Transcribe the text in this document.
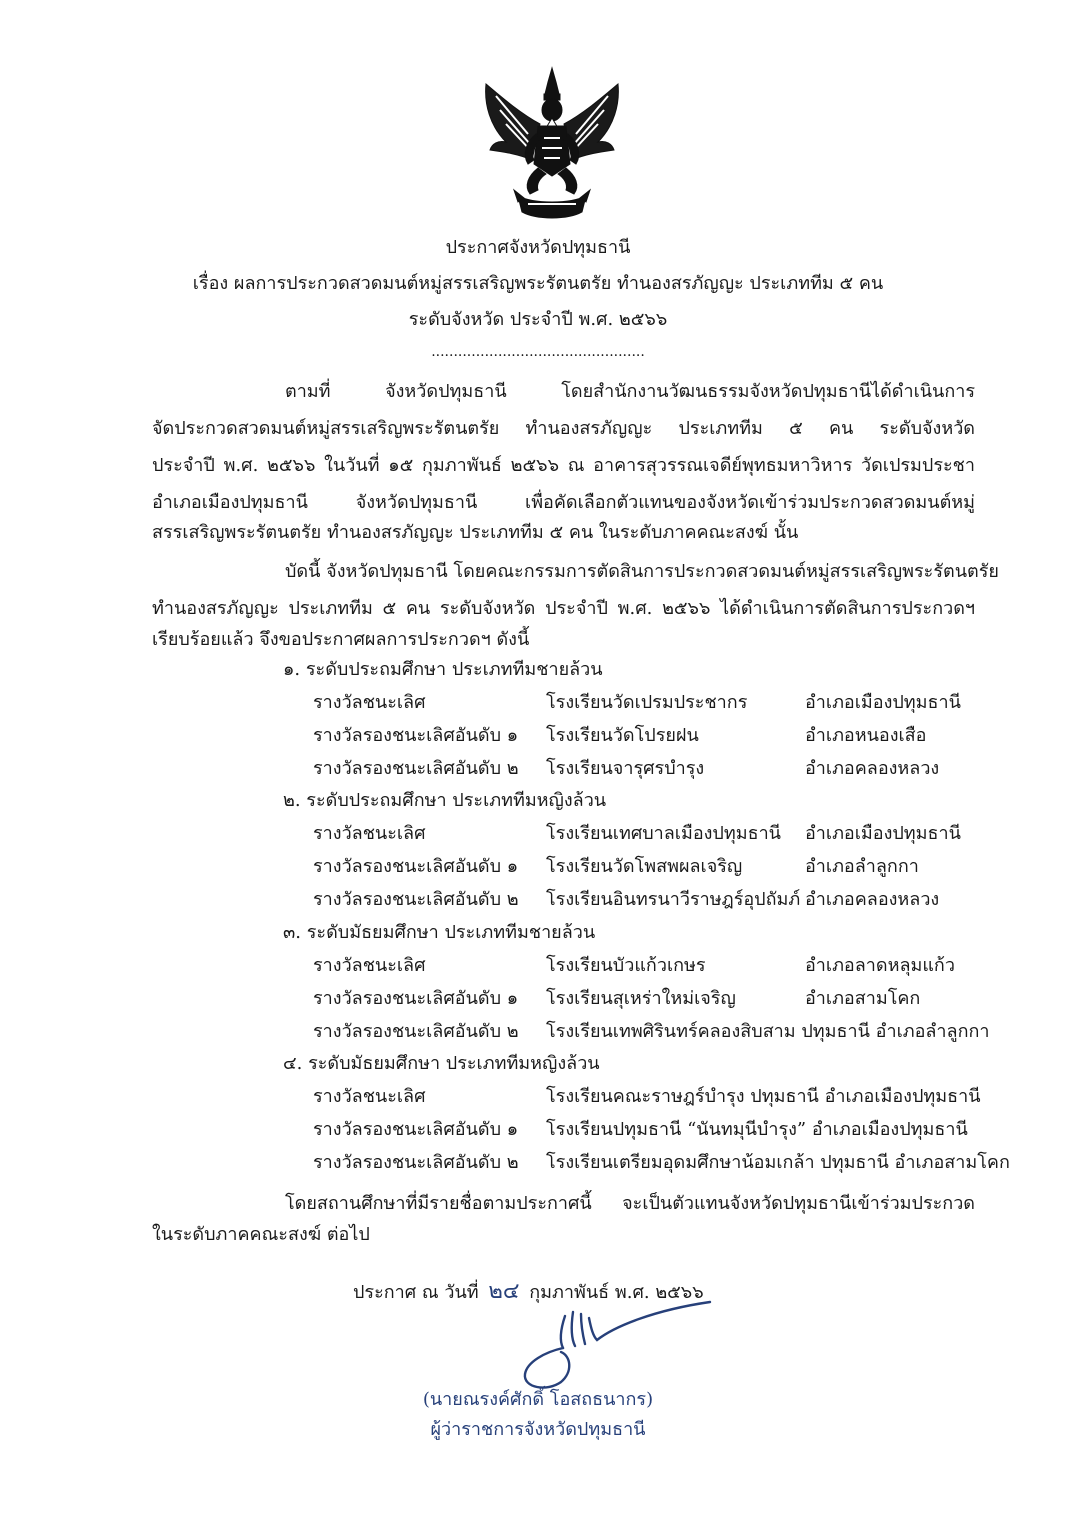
ประกาศจังหวัดปทุมธานี
เรื่อง ผลการประกวดสวดมนต์หมู่สรรเสริญพระรัตนตรัย ทำนองสรภัญญะ ประเภททีม ๕ คน
ระดับจังหวัด ประจำปี พ.ศ. ๒๕๖๖
................................................
ตามที่ จังหวัดปทุมธานี โดยสำนักงานวัฒนธรรมจังหวัดปทุมธานีได้ดำเนินการ
จัดประกวดสวดมนต์หมู่สรรเสริญพระรัตนตรัย ทำนองสรภัญญะ ประเภททีม ๕ คน ระดับจังหวัด
ประจำปี พ.ศ. ๒๕๖๖ ในวันที่ ๑๕ กุมภาพันธ์ ๒๕๖๖ ณ อาคารสุวรรณเจดีย์พุทธมหาวิหาร วัดเปรมประชา
อำเภอเมืองปทุมธานี จังหวัดปทุมธานี เพื่อคัดเลือกตัวแทนของจังหวัดเข้าร่วมประกวดสวดมนต์หมู่
สรรเสริญพระรัตนตรัย ทำนองสรภัญญะ ประเภททีม ๕ คน ในระดับภาคคณะสงฆ์ นั้น
บัดนี้ จังหวัดปทุมธานี โดยคณะกรรมการตัดสินการประกวดสวดมนต์หมู่สรรเสริญพระรัตนตรัย
ทำนองสรภัญญะ ประเภททีม ๕ คน ระดับจังหวัด ประจำปี พ.ศ. ๒๕๖๖ ได้ดำเนินการตัดสินการประกวดฯ
เรียบร้อยแล้ว จึงขอประกาศผลการประกวดฯ ดังนี้
๑. ระดับประถมศึกษา ประเภททีมชายล้วน
รางวัลชนะเลิศ	โรงเรียนวัดเปรมประชากร	อำเภอเมืองปทุมธานี
รางวัลรองชนะเลิศอันดับ ๑ โรงเรียนวัดโปรยฝน	อำเภอหนองเสือ
รางวัลรองชนะเลิศอันดับ ๒ โรงเรียนจารุศรบำรุง	อำเภอคลองหลวง
๒. ระดับประถมศึกษา ประเภททีมหญิงล้วน
รางวัลชนะเลิศ	โรงเรียนเทศบาลเมืองปทุมธานี อำเภอเมืองปทุมธานี
รางวัลรองชนะเลิศอันดับ ๑ โรงเรียนวัดโพสพผลเจริญ	อำเภอลำลูกกา
รางวัลรองชนะเลิศอันดับ ๒ โรงเรียนอินทรนาวีราษฎร์อุปถัมภ์ อำเภอคลองหลวง
๓. ระดับมัธยมศึกษา ประเภททีมชายล้วน
รางวัลชนะเลิศ	โรงเรียนบัวแก้วเกษร	อำเภอลาดหลุมแก้ว
รางวัลรองชนะเลิศอันดับ ๑ โรงเรียนสุเหร่าใหม่เจริญ	อำเภอสามโคก
รางวัลรองชนะเลิศอันดับ ๒ โรงเรียนเทพศิรินทร์คลองสิบสาม ปทุมธานี อำเภอลำลูกกา
๔. ระดับมัธยมศึกษา ประเภททีมหญิงล้วน
รางวัลชนะเลิศ	โรงเรียนคณะราษฎร์บำรุง ปทุมธานี อำเภอเมืองปทุมธานี
รางวัลรองชนะเลิศอันดับ ๑ โรงเรียนปทุมธานี “นันทมุนีบำรุง” อำเภอเมืองปทุมธานี
รางวัลรองชนะเลิศอันดับ ๒ โรงเรียนเตรียมอุดมศึกษาน้อมเกล้า ปทุมธานี อำเภอสามโคก
โดยสถานศึกษาที่มีรายชื่อตามประกาศนี้ จะเป็นตัวแทนจังหวัดปทุมธานีเข้าร่วมประกวด
ในระดับภาคคณะสงฆ์ ต่อไป
ประกาศ ณ วันที่ ๒๔ กุมภาพันธ์ พ.ศ. ๒๕๖๖
(นายณรงค์ศักดิ์ โอสถธนากร)
ผู้ว่าราชการจังหวัดปทุมธานี
